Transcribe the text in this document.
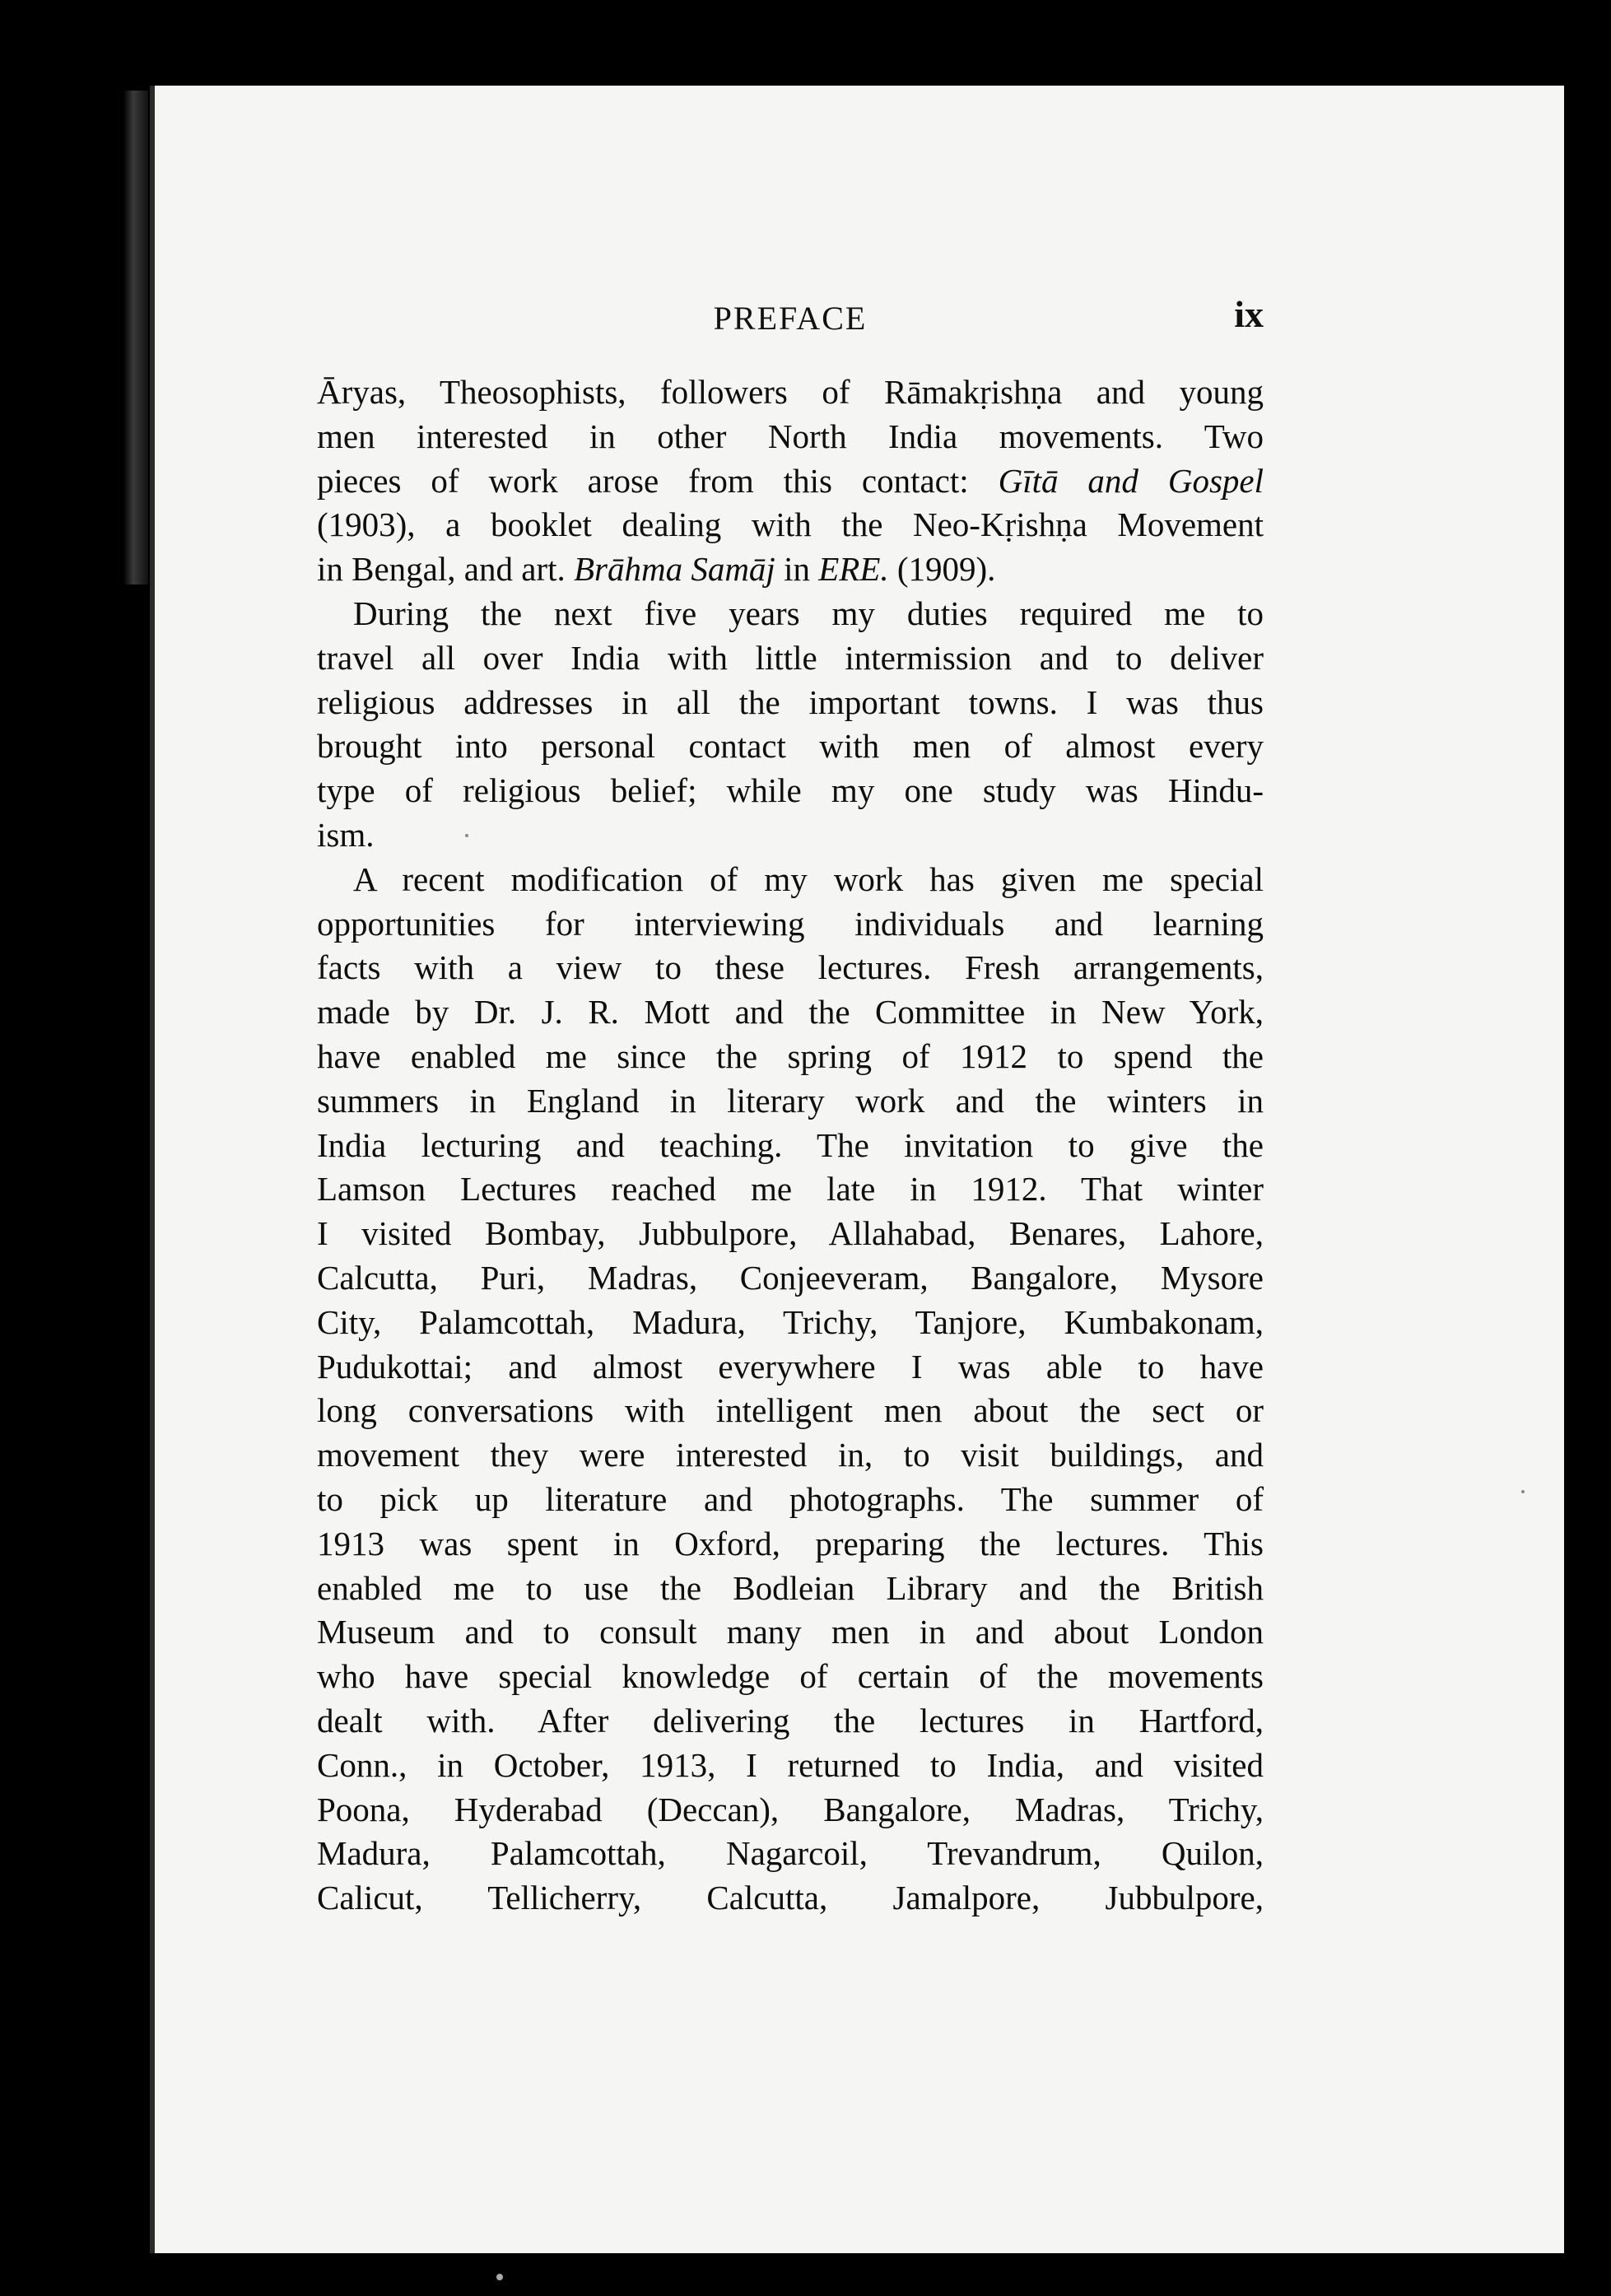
PREFACE	ix
Āryas, Theosophists, followers of Rāmakṛishṇa and young
men interested in other North India movements. Two
pieces of work arose from this contact: Gītā and Gospel
(1903), a booklet dealing with the Neo-Kṛishṇa Movement
in Bengal, and art. Brāhma Samāj in ERE. (1909).
During the next five years my duties required me to
travel all over India with little intermission and to deliver
religious addresses in all the important towns. I was thus
brought into personal contact with men of almost every
type of religious belief; while my one study was Hindu-
ism.
A recent modification of my work has given me special
opportunities for interviewing individuals and learning
facts with a view to these lectures. Fresh arrangements,
made by Dr. J. R. Mott and the Committee in New York,
have enabled me since the spring of 1912 to spend the
summers in England in literary work and the winters in
India lecturing and teaching. The invitation to give the
Lamson Lectures reached me late in 1912. That winter
I visited Bombay, Jubbulpore, Allahabad, Benares, Lahore,
Calcutta, Puri, Madras, Conjeeveram, Bangalore, Mysore
City, Palamcottah, Madura, Trichy, Tanjore, Kumbakonam,
Pudukottai; and almost everywhere I was able to have
long conversations with intelligent men about the sect or
movement they were interested in, to visit buildings, and
to pick up literature and photographs. The summer of
1913 was spent in Oxford, preparing the lectures. This
enabled me to use the Bodleian Library and the British
Museum and to consult many men in and about London
who have special knowledge of certain of the movements
dealt with. After delivering the lectures in Hartford,
Conn., in October, 1913, I returned to India, and visited
Poona, Hyderabad (Deccan), Bangalore, Madras, Trichy,
Madura, Palamcottah, Nagarcoil, Trevandrum, Quilon,
Calicut, Tellicherry, Calcutta, Jamalpore, Jubbulpore,
